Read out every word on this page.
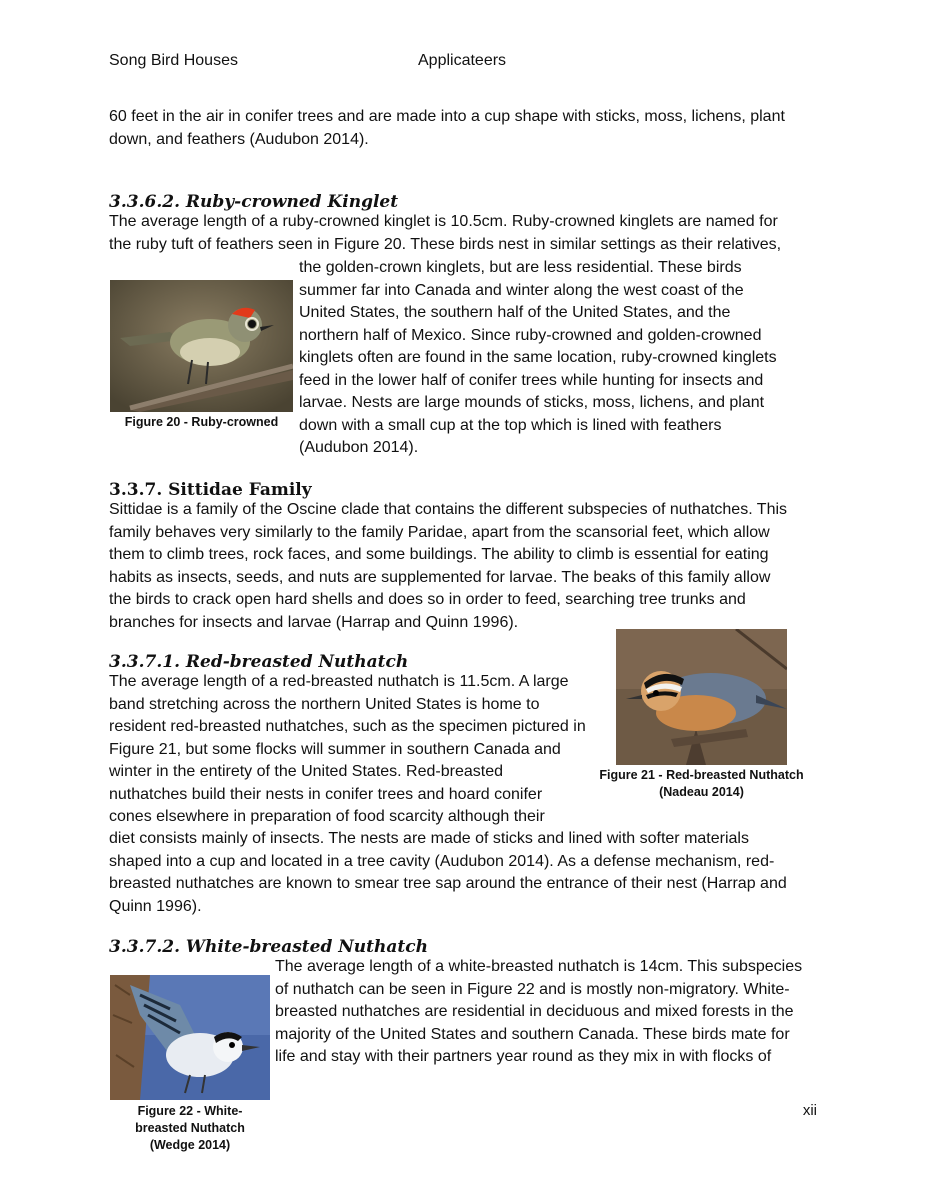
Song Bird Houses	Applicateers
60 feet in the air in conifer trees and are made into a cup shape with sticks, moss, lichens, plant
down, and feathers (Audubon 2014).
3.3.6.2. Ruby-crowned Kinglet
The average length of a ruby-crowned kinglet is 10.5cm. Ruby-crowned kinglets are named for
the ruby tuft of feathers seen in Figure 20. These birds nest in similar settings as their relatives,
the golden-crown kinglets, but are less residential. These birds
summer far into Canada and winter along the west coast of the
United States, the southern half of the United States, and the
northern half of Mexico. Since ruby-crowned and golden-crowned
kinglets often are found in the same location, ruby-crowned kinglets
feed in the lower half of conifer trees while hunting for insects and
larvae. Nests are large mounds of sticks, moss, lichens, and plant
down with a small cup at the top which is lined with feathers
(Audubon 2014).
Figure 20 - Ruby-crowned
3.3.7. Sittidae Family
Sittidae is a family of the Oscine clade that contains the different subspecies of nuthatches. This
family behaves very similarly to the family Paridae, apart from the scansorial feet, which allow
them to climb trees, rock faces, and some buildings. The ability to climb is essential for eating
habits as insects, seeds, and nuts are supplemented for larvae. The beaks of this family allow
the birds to crack open hard shells and does so in order to feed, searching tree trunks and
branches for insects and larvae (Harrap and Quinn 1996).
3.3.7.1. Red-breasted Nuthatch
The average length of a red-breasted nuthatch is 11.5cm. A large
band stretching across the northern United States is home to
resident red-breasted nuthatches, such as the specimen pictured in
Figure 21, but some flocks will summer in southern Canada and
winter in the entirety of the United States. Red-breasted
nuthatches build their nests in conifer trees and hoard conifer
cones elsewhere in preparation of food scarcity although their
diet consists mainly of insects. The nests are made of sticks and lined with softer materials
shaped into a cup and located in a tree cavity (Audubon 2014). As a defense mechanism, red-
breasted nuthatches are known to smear tree sap around the entrance of their nest (Harrap and
Quinn 1996).
Figure 21 - Red-breasted Nuthatch
(Nadeau 2014)
3.3.7.2. White-breasted Nuthatch
The average length of a white-breasted nuthatch is 14cm. This subspecies
of nuthatch can be seen in Figure 22 and is mostly non-migratory. White-
breasted nuthatches are residential in deciduous and mixed forests in the
majority of the United States and southern Canada. These birds mate for
life and stay with their partners year round as they mix in with flocks of
Figure 22 - White-
breasted Nuthatch
(Wedge 2014)
xii
